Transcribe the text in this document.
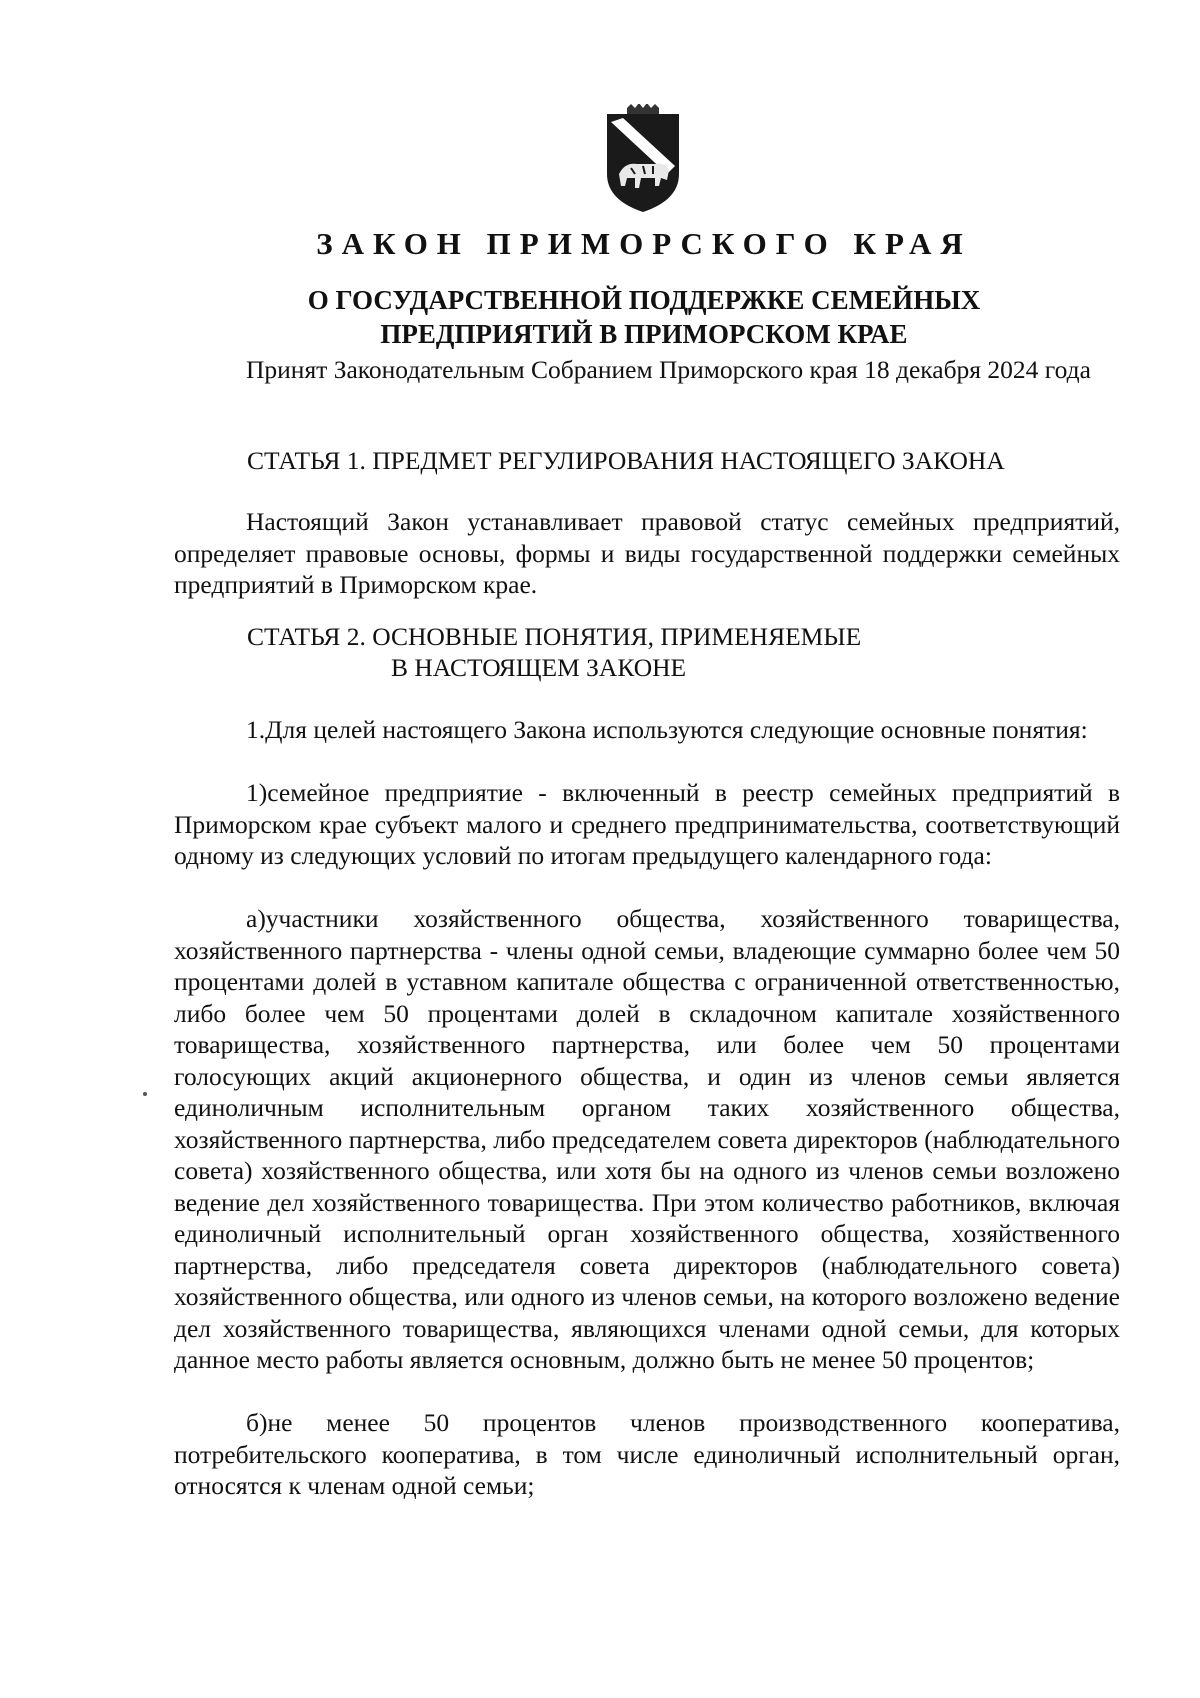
ЗАКОН ПРИМОРСКОГО КРАЯ
О ГОСУДАРСТВЕННОЙ ПОДДЕРЖКЕ СЕМЕЙНЫХ
ПРЕДПРИЯТИЙ В ПРИМОРСКОМ КРАЕ

Принят Законодательным Собранием Приморского края 18 декабря 2024 года

СТАТЬЯ 1. ПРЕДМЕТ РЕГУЛИРОВАНИЯ НАСТОЯЩЕГО ЗАКОНА

Настоящий Закон устанавливает правовой статус семейных предприятий, определяет правовые основы, формы и виды государственной поддержки семейных предприятий в Приморском крае.

СТАТЬЯ 2. ОСНОВНЫЕ ПОНЯТИЯ, ПРИМЕНЯЕМЫЕ

В НАСТОЯЩЕМ ЗАКОНЕ

1.Для целей настоящего Закона используются следующие основные понятия:

1)семейное предприятие - включенный в реестр семейных предприятий в Приморском крае субъект малого и среднего предпринимательства, соответствующий одному из следующих условий по итогам предыдущего календарного года:

а)участники хозяйственного общества, хозяйственного товарищества, хозяйственного партнерства - члены одной семьи, владеющие суммарно более чем 50 процентами долей в уставном капитале общества с ограниченной ответственностью, либо более чем 50 процентами долей в складочном капитале хозяйственного товарищества, хозяйственного партнерства, или более чем 50 процентами голосующих акций акционерного общества, и один из членов семьи является единоличным исполнительным органом таких хозяйственного общества, хозяйственного партнерства, либо председателем совета директоров (наблюдательного совета) хозяйственного общества, или хотя бы на одного из членов семьи возложено ведение дел хозяйственного товарищества. При этом количество работников, включая единоличный исполнительный орган хозяйственного общества, хозяйственного партнерства, либо председателя совета директоров (наблюдательного совета) хозяйственного общества, или одного из членов семьи, на которого возложено ведение дел хозяйственного товарищества, являющихся членами одной семьи, для которых данное место работы является основным, должно быть не менее 50 процентов;

б)не менее 50 процентов членов производственного кооператива, потребительского кооператива, в том числе единоличный исполнительный орган, относятся к членам одной семьи;
